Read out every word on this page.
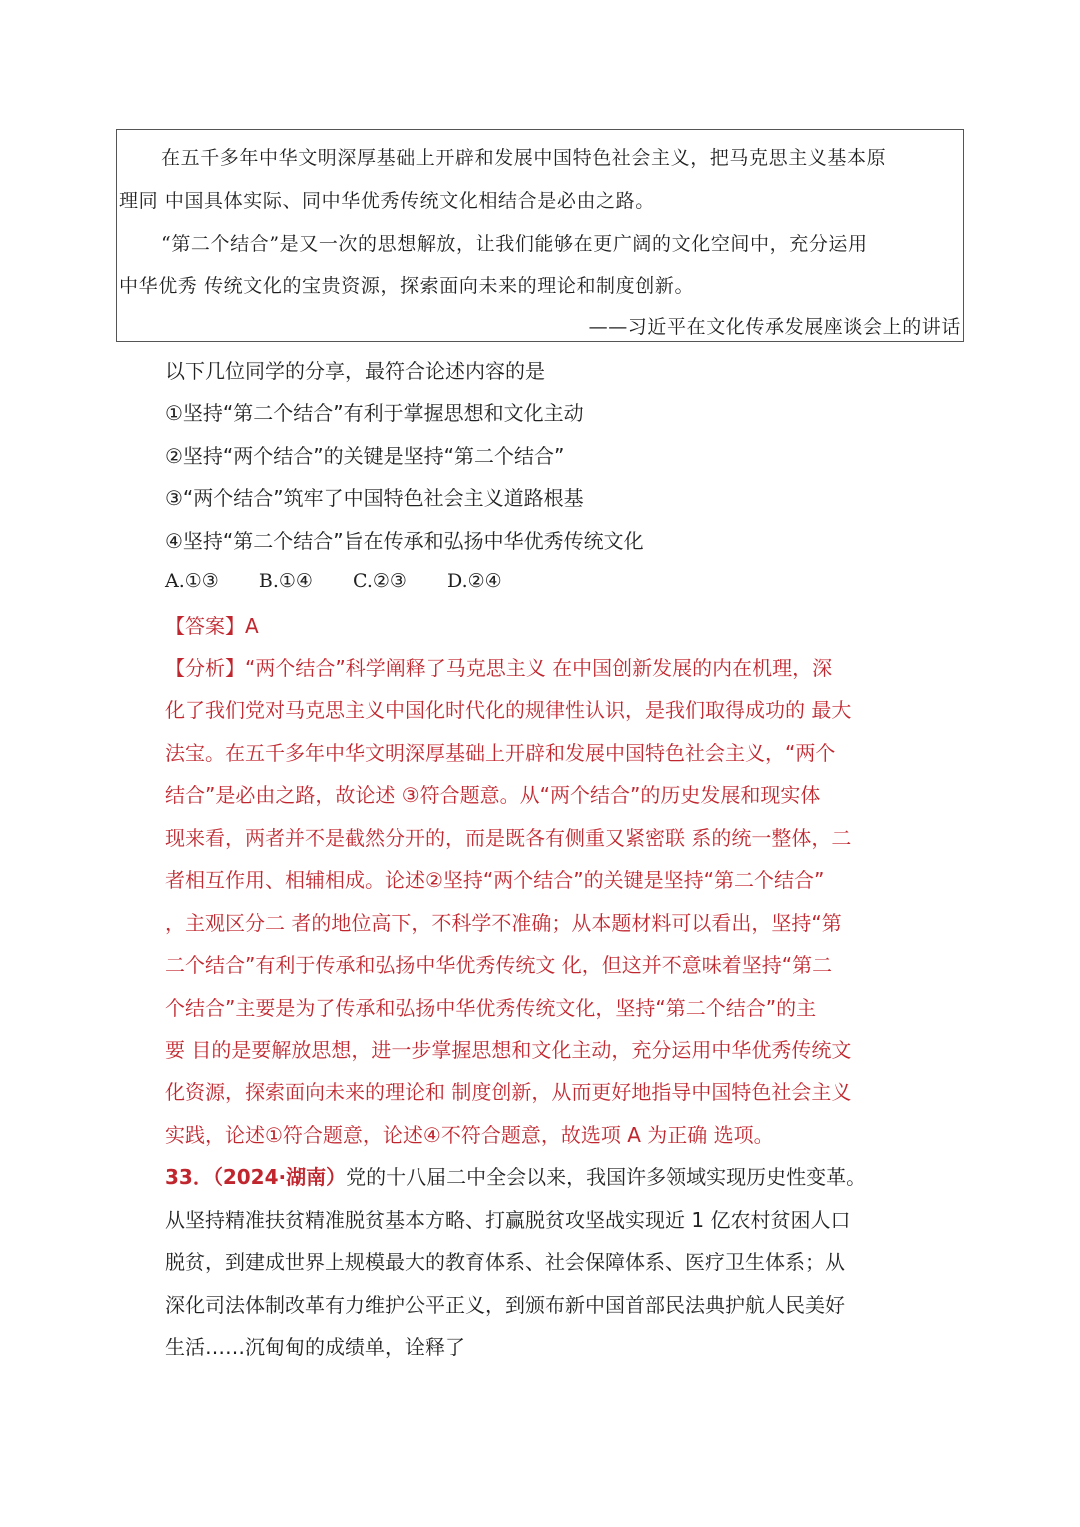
在五千多年中华文明深厚基础上开辟和发展中国特色社会主义，把马克思主义基本原
理同 中国具体实际、同中华优秀传统文化相结合是必由之路。
“第二个结合”是又一次的思想解放，让我们能够在更广阔的文化空间中，充分运用
中华优秀 传统文化的宝贵资源，探索面向未来的理论和制度创新。
——习近平在文化传承发展座谈会上的讲话
以下几位同学的分享，最符合论述内容的是
①坚持“第二个结合”有利于掌握思想和文化主动
②坚持“两个结合”的关键是坚持“第二个结合”
③“两个结合”筑牢了中国特色社会主义道路根基
④坚持“第二个结合”旨在传承和弘扬中华优秀传统文化
A.①③ B.①④ C.②③ D.②④
【答案】A
【分析】“两个结合”科学阐释了马克思主义 在中国创新发展的内在机理，深
化了我们党对马克思主义中国化时代化的规律性认识，是我们取得成功的 最大
法宝。在五千多年中华文明深厚基础上开辟和发展中国特色社会主义，“两个
结合”是必由之路，故论述 ③符合题意。从“两个结合”的历史发展和现实体
现来看，两者并不是截然分开的，而是既各有侧重又紧密联 系的统一整体，二
者相互作用、相辅相成。论述②坚持“两个结合”的关键是坚持“第二个结合”
，主观区分二 者的地位高下，不科学不准确；从本题材料可以看出，坚持“第
二个结合”有利于传承和弘扬中华优秀传统文 化，但这并不意味着坚持“第二
个结合”主要是为了传承和弘扬中华优秀传统文化，坚持“第二个结合”的主
要 目的是要解放思想，进一步掌握思想和文化主动，充分运用中华优秀传统文
化资源，探索面向未来的理论和 制度创新，从而更好地指导中国特色社会主义
实践，论述①符合题意，论述④不符合题意，故选项 A 为正确 选项。
33．（2024·湖南）党的十八届二中全会以来，我国许多领域实现历史性变革。
从坚持精准扶贫精准脱贫基本方略、打赢脱贫攻坚战实现近 1 亿农村贫困人口
脱贫，到建成世界上规模最大的教育体系、社会保障体系、医疗卫生体系；从
深化司法体制改革有力维护公平正义，到颁布新中国首部民法典护航人民美好
生活……沉甸甸的成绩单，诠释了
